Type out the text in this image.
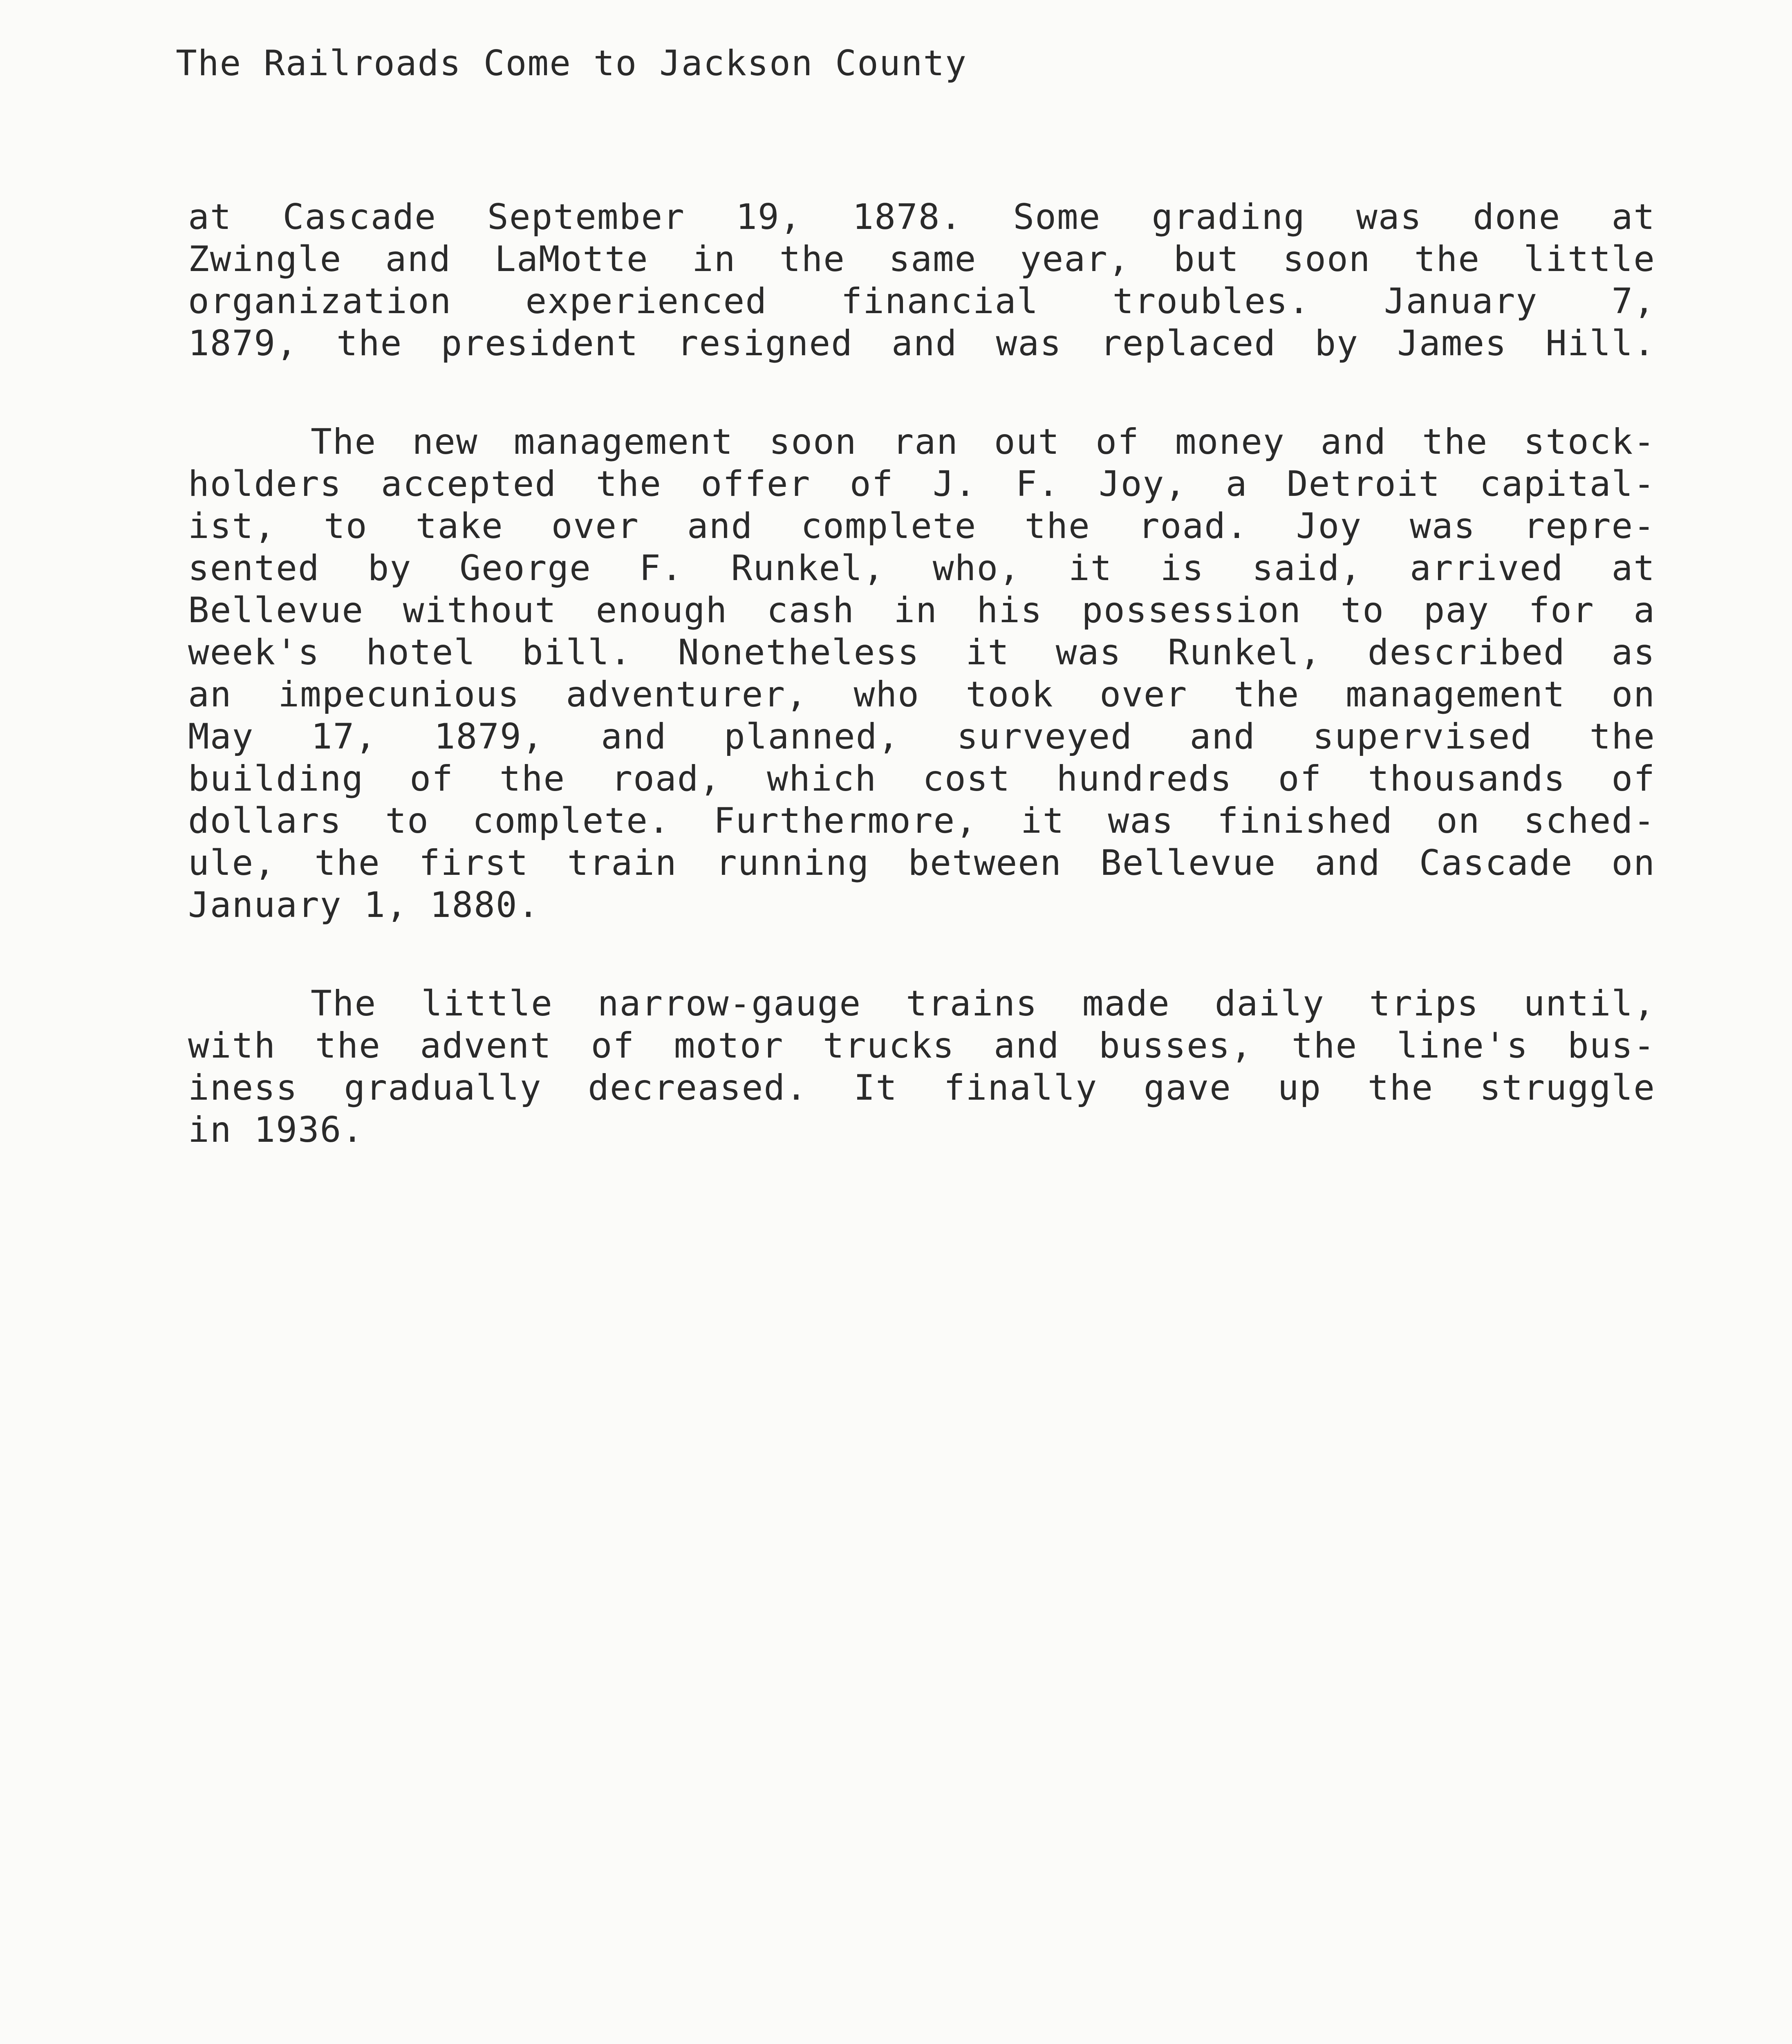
The Railroads Come to Jackson County
at Cascade September 19, 1878. Some grading was done at
Zwingle and LaMotte in the same year, but soon the little
organization experienced financial troubles. January 7,
1879, the president resigned and was replaced by James Hill.
The new management soon ran out of money and the stock-
holders accepted the offer of J. F. Joy, a Detroit capital-
ist, to take over and complete the road. Joy was repre-
sented by George F. Runkel, who, it is said, arrived at
Bellevue without enough cash in his possession to pay for a
week's hotel bill. Nonetheless it was Runkel, described as
an impecunious adventurer, who took over the management on
May 17, 1879, and planned, surveyed and supervised the
building of the road, which cost hundreds of thousands of
dollars to complete. Furthermore, it was finished on sched-
ule, the first train running between Bellevue and Cascade on
January 1, 1880.
The little narrow-gauge trains made daily trips until,
with the advent of motor trucks and busses, the line's bus-
iness gradually decreased. It finally gave up the struggle
in 1936.
